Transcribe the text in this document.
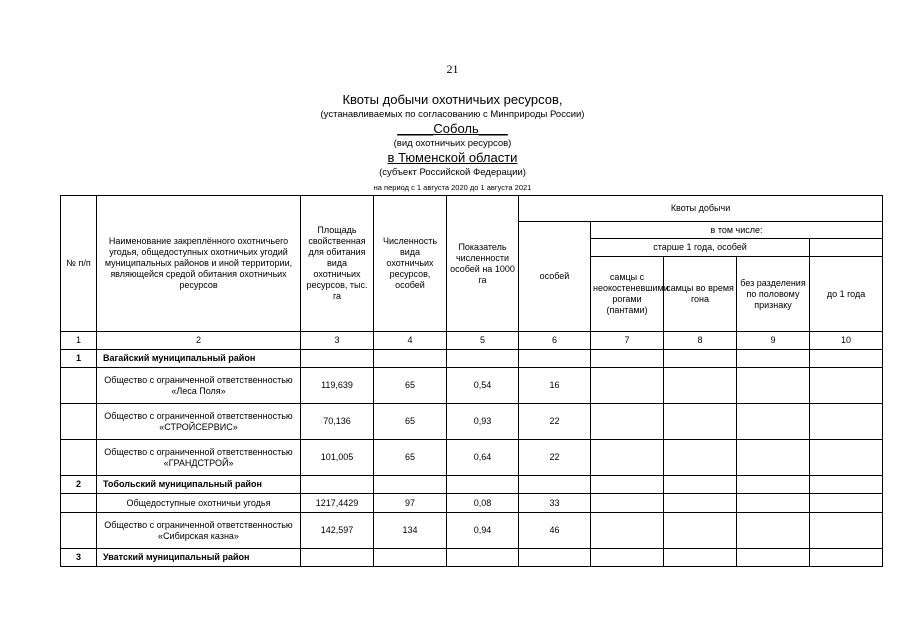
21
Квоты добычи охотничьих ресурсов,
(устанавливаемых по согласованию с Минприроды России)
_____Соболь____
(вид охотничьих ресурсов)
в Тюменской области
(субъект Российской Федерации)
на период с 1 августа 2020 до 1 августа 2021
№ п/п	Наименование закреплённого охотничьего угодья, общедоступных охотничьих угодий муниципальных районов и иной территории, являющейся средой обитания охотничьих ресурсов	Площадь свойственная для обитания вида охотничьих ресурсов, тыс. га	Численность вида охотничьих ресурсов, особей	Показатель численности особей на 1000 га	Квоты добычи				
					особей	в том числе:			
						старше 1 года, особей			
						самцы с неокостеневшими рогами (пантами)	самцы во время гона	без разделения по половому признаку	до 1 года
1	2	3	4	5	6	7	8	9	10
1	Вагайский муниципальный район								
	Общество с ограниченной ответственностью «Леса Поля»	119,639	65	0,54	16				
	Общество с ограниченной ответственностью «СТРОЙСЕРВИС»	70,136	65	0,93	22				
	Общество с ограниченной ответственностью «ГРАНДСТРОЙ»	101,005	65	0,64	22				
2	Тобольский муниципальный район								
	Общедоступные охотничьи угодья	1217,4429	97	0,08	33				
	Общество с ограниченной ответственностью «Сибирская казна»	142,597	134	0,94	46				
3	Уватский муниципальный район								
